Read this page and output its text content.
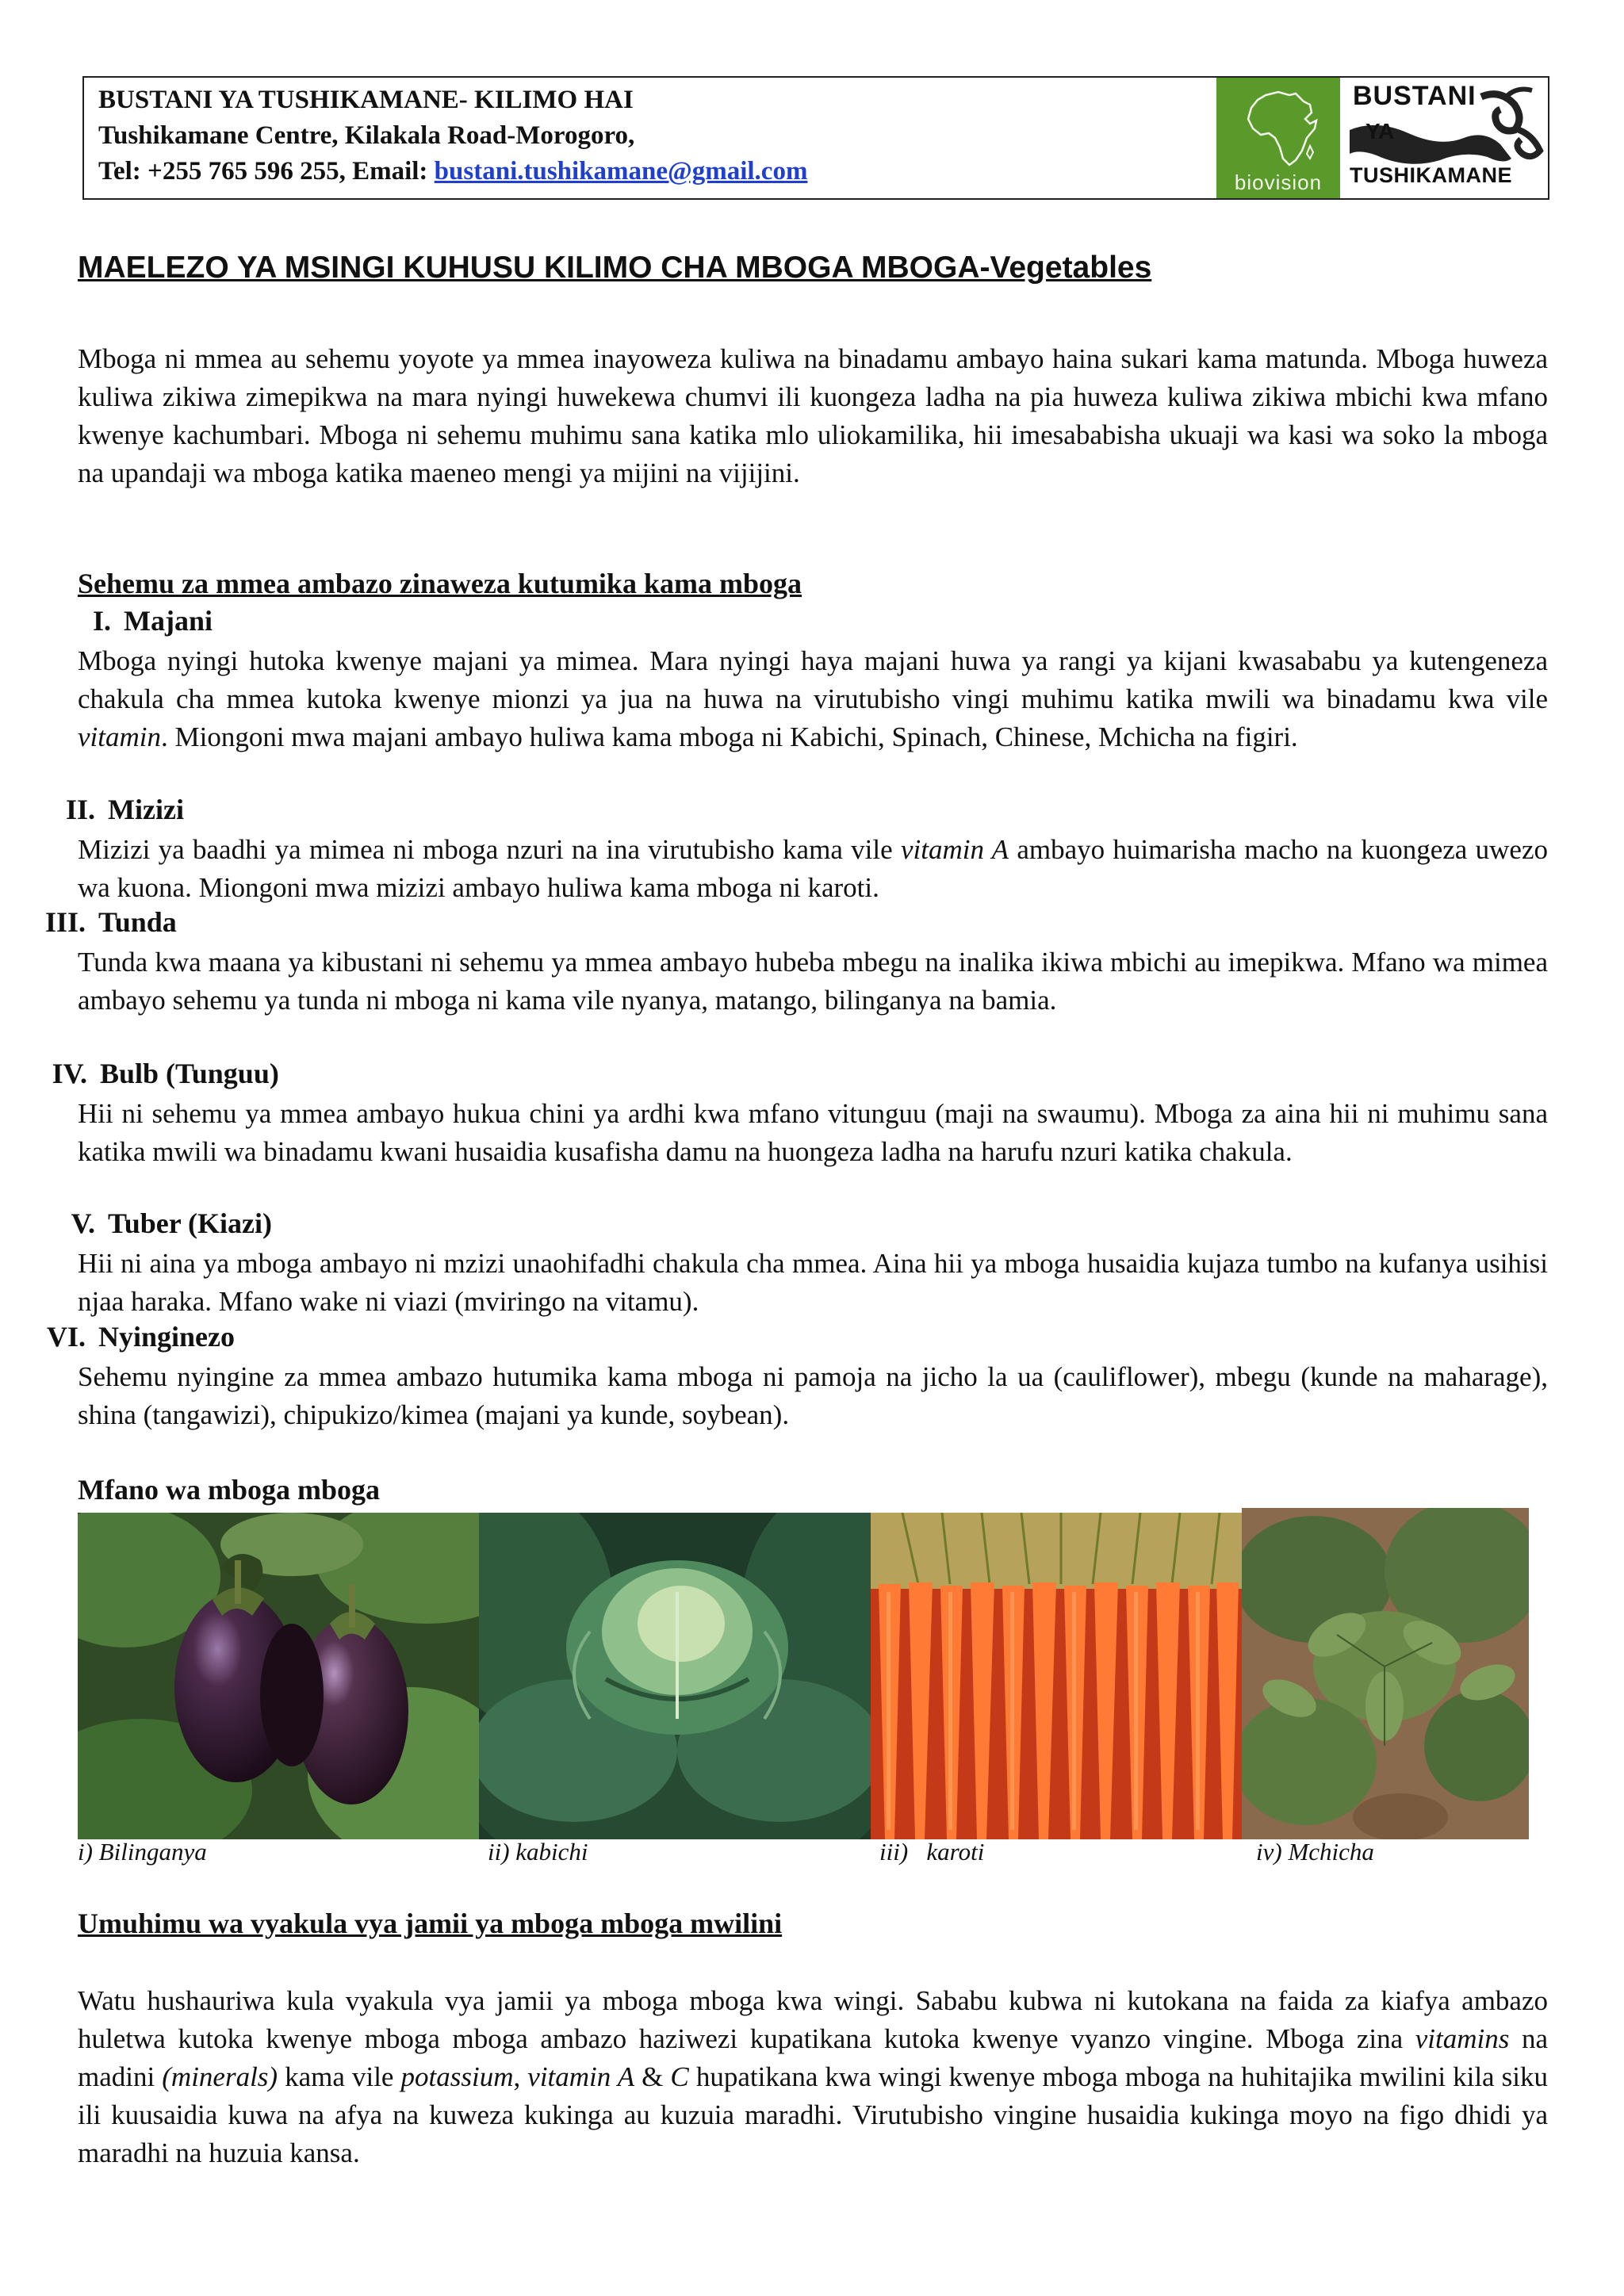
BUSTANI YA TUSHIKAMANE- KILIMO HAI
Tushikamane Centre, Kilakala Road-Morogoro,
Tel: +255 765 596 255, Email: bustani.tushikamane@gmail.com	biovision
BUSTANI
YA
TUSHIKAMANE
MAELEZO YA MSINGI KUHUSU KILIMO CHA MBOGA MBOGA-Vegetables

Mboga ni mmea au sehemu yoyote ya mmea inayoweza kuliwa na binadamu ambayo haina sukari kama matunda. Mboga huweza kuliwa zikiwa zimepikwa na mara nyingi huwekewa chumvi ili kuongeza ladha na pia huweza kuliwa zikiwa mbichi kwa mfano kwenye kachumbari. Mboga ni sehemu muhimu sana katika mlo uliokamilika, hii imesababisha ukuaji wa kasi wa soko la mboga na upandaji wa mboga katika maeneo mengi ya mijini na vijijini.

Sehemu za mmea ambazo zinaweza kutumika kama mboga
I. Majani

Mboga nyingi hutoka kwenye majani ya mimea. Mara nyingi haya majani huwa ya rangi ya kijani kwasababu ya kutengeneza chakula cha mmea kutoka kwenye mionzi ya jua na huwa na virutubisho vingi muhimu katika mwili wa binadamu kwa vile vitamin. Miongoni mwa majani ambayo huliwa kama mboga ni Kabichi, Spinach, Chinese, Mchicha na figiri.

II. Mizizi

Mizizi ya baadhi ya mimea ni mboga nzuri na ina virutubisho kama vile vitamin A ambayo huimarisha macho na kuongeza uwezo wa kuona. Miongoni mwa mizizi ambayo huliwa kama mboga ni karoti.

III. Tunda

Tunda kwa maana ya kibustani ni sehemu ya mmea ambayo hubeba mbegu na inalika ikiwa mbichi au imepikwa. Mfano wa mimea ambayo sehemu ya tunda ni mboga ni kama vile nyanya, matango, bilinganya na bamia.

IV. Bulb (Tunguu)

Hii ni sehemu ya mmea ambayo hukua chini ya ardhi kwa mfano vitunguu (maji na swaumu). Mboga za aina hii ni muhimu sana katika mwili wa binadamu kwani husaidia kusafisha damu na huongeza ladha na harufu nzuri katika chakula.

V. Tuber (Kiazi)

Hii ni aina ya mboga ambayo ni mzizi unaohifadhi chakula cha mmea. Aina hii ya mboga husaidia kujaza tumbo na kufanya usihisi njaa haraka. Mfano wake ni viazi (mviringo na vitamu).

VI. Nyinginezo

Sehemu nyingine za mmea ambazo hutumika kama mboga ni pamoja na jicho la ua (cauliflower), mbegu (kunde na maharage), shina (tangawizi), chipukizo/kimea (majani ya kunde, soybean).

Mfano wa mboga mboga
i) Bilinganya	ii) kabichi	iii)   karoti	iv) Mchicha
Umuhimu wa vyakula vya jamii ya mboga mboga mwilini

Watu hushauriwa kula vyakula vya jamii ya mboga mboga kwa wingi. Sababu kubwa ni kutokana na faida za kiafya ambazo huletwa kutoka kwenye mboga mboga ambazo haziwezi kupatikana kutoka kwenye vyanzo vingine. Mboga zina vitamins na madini (minerals) kama vile potassium, vitamin A & C hupatikana kwa wingi kwenye mboga mboga na huhitajika mwilini kila siku ili kuusaidia kuwa na afya na kuweza kukinga au kuzuia maradhi. Virutubisho vingine husaidia kukinga moyo na figo dhidi ya maradhi na huzuia kansa.
